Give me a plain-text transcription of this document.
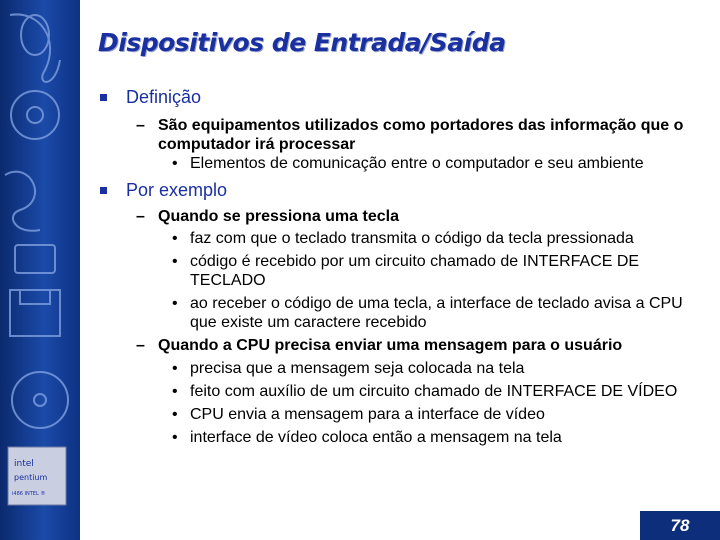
intel
pentium
i486 INTEL ®
Dispositivos de Entrada/Saída
Definição
– São equipamentos utilizados como portadores das informação que o computador irá processar
• Elementos de comunicação entre o computador e seu ambiente
Por exemplo
– Quando se pressiona uma tecla
• faz com que o teclado transmita o código da tecla pressionada
• código é recebido por um circuito chamado de INTERFACE DE TECLADO
• ao receber o código de uma tecla, a interface de teclado avisa a CPU que existe um caractere recebido
– Quando a CPU precisa enviar uma mensagem para o usuário
• precisa que a mensagem seja colocada na tela
• feito com auxílio de um circuito chamado de INTERFACE DE VÍDEO
• CPU envia a mensagem para a interface de vídeo
• interface de vídeo coloca então a mensagem na tela
78
